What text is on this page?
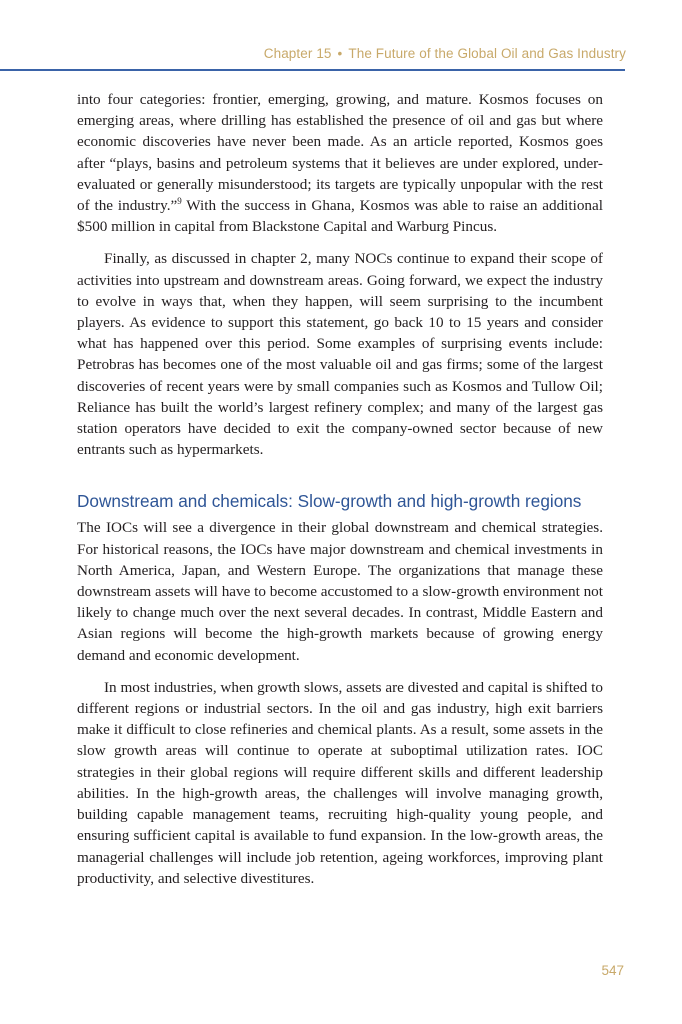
Chapter 15 • The Future of the Global Oil and Gas Industry

into four categories: frontier, emerging, growing, and mature. Kosmos focuses on emerging areas, where drilling has established the presence of oil and gas but where economic discoveries have never been made. As an article reported, Kosmos goes after “plays, basins and petroleum systems that it believes are under explored, under-evaluated or generally misunderstood; its targets are typically unpopular with the rest of the industry.”$^9$ With the success in Ghana, Kosmos was able to raise an additional $500 million in capital from Blackstone Capital and Warburg Pincus.

Finally, as discussed in chapter 2, many NOCs continue to expand their scope of activities into upstream and downstream areas. Going forward, we expect the industry to evolve in ways that, when they happen, will seem surprising to the incumbent players. As evidence to support this statement, go back 10 to 15 years and consider what has happened over this period. Some examples of surprising events include: Petrobras has becomes one of the most valuable oil and gas firms; some of the largest discoveries of recent years were by small companies such as Kosmos and Tullow Oil; Reliance has built the world’s largest refinery complex; and many of the largest gas station operators have decided to exit the company-owned sector because of new entrants such as hypermarkets.

Downstream and chemicals: Slow-growth and high-growth regions

The IOCs will see a divergence in their global downstream and chemical strategies. For historical reasons, the IOCs have major downstream and chemical investments in North America, Japan, and Western Europe. The organizations that manage these downstream assets will have to become accustomed to a slow-growth environment not likely to change much over the next several decades. In contrast, Middle Eastern and Asian regions will become the high-growth markets because of growing energy demand and economic development.

In most industries, when growth slows, assets are divested and capital is shifted to different regions or industrial sectors. In the oil and gas industry, high exit barriers make it difficult to close refineries and chemical plants. As a result, some assets in the slow growth areas will continue to operate at suboptimal utilization rates. IOC strategies in their global regions will require different skills and different leadership abilities. In the high-growth areas, the challenges will involve managing growth, building capable management teams, recruiting high-quality young people, and ensuring sufficient capital is available to fund expansion. In the low-growth areas, the managerial challenges will include job retention, ageing workforces, improving plant productivity, and selective divestitures.

547
